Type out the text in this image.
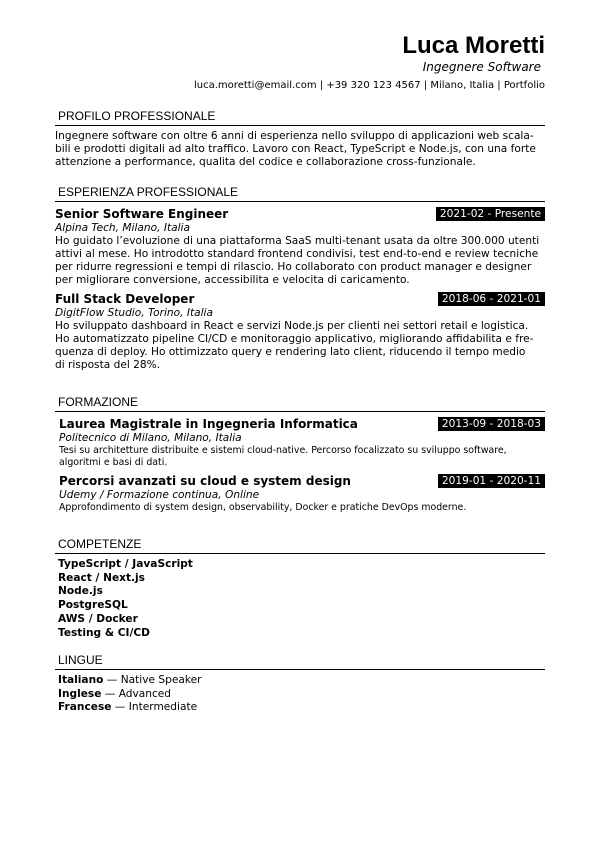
Luca Moretti
Ingegnere Software
luca.moretti@email.com | +39 320 123 4567 | Milano, Italia | Portfolio
PROFILO PROFESSIONALE

Ingegnere software con oltre 6 anni di esperienza nello sviluppo di applicazioni web scala-
bili e prodotti digitali ad alto traffico. Lavoro con React, TypeScript e Node.js, con una forte
attenzione a performance, qualita del codice e collaborazione cross-funzionale.

ESPERIENZA PROFESSIONALE
Senior Software Engineer	2021-02 - Presente
Alpina Tech, Milano, Italia

Ho guidato l’evoluzione di una piattaforma SaaS multi-tenant usata da oltre 300.000 utenti
attivi al mese. Ho introdotto standard frontend condivisi, test end-to-end e review tecniche
per ridurre regressioni e tempi di rilascio. Ho collaborato con product manager e designer
per migliorare conversione, accessibilita e velocita di caricamento.

Full Stack Developer	2018-06 - 2021-01
DigitFlow Studio, Torino, Italia

Ho sviluppato dashboard in React e servizi Node.js per clienti nei settori retail e logistica.
Ho automatizzato pipeline CI/CD e monitoraggio applicativo, migliorando affidabilita e fre-
quenza di deploy. Ho ottimizzato query e rendering lato client, riducendo il tempo medio
di risposta del 28%.

FORMAZIONE
Laurea Magistrale in Ingegneria Informatica	2013-09 - 2018-03
Politecnico di Milano, Milano, Italia

Tesi su architetture distribuite e sistemi cloud-native. Percorso focalizzato su sviluppo software,
algoritmi e basi di dati.

Percorsi avanzati su cloud e system design	2019-01 - 2020-11
Udemy / Formazione continua, Online

Approfondimento di system design, observability, Docker e pratiche DevOps moderne.

COMPETENZE
TypeScript / JavaScript
React / Next.js
Node.js
PostgreSQL
AWS / Docker
Testing & CI/CD
LINGUE
Italiano — Native Speaker
Inglese — Advanced
Francese — Intermediate
